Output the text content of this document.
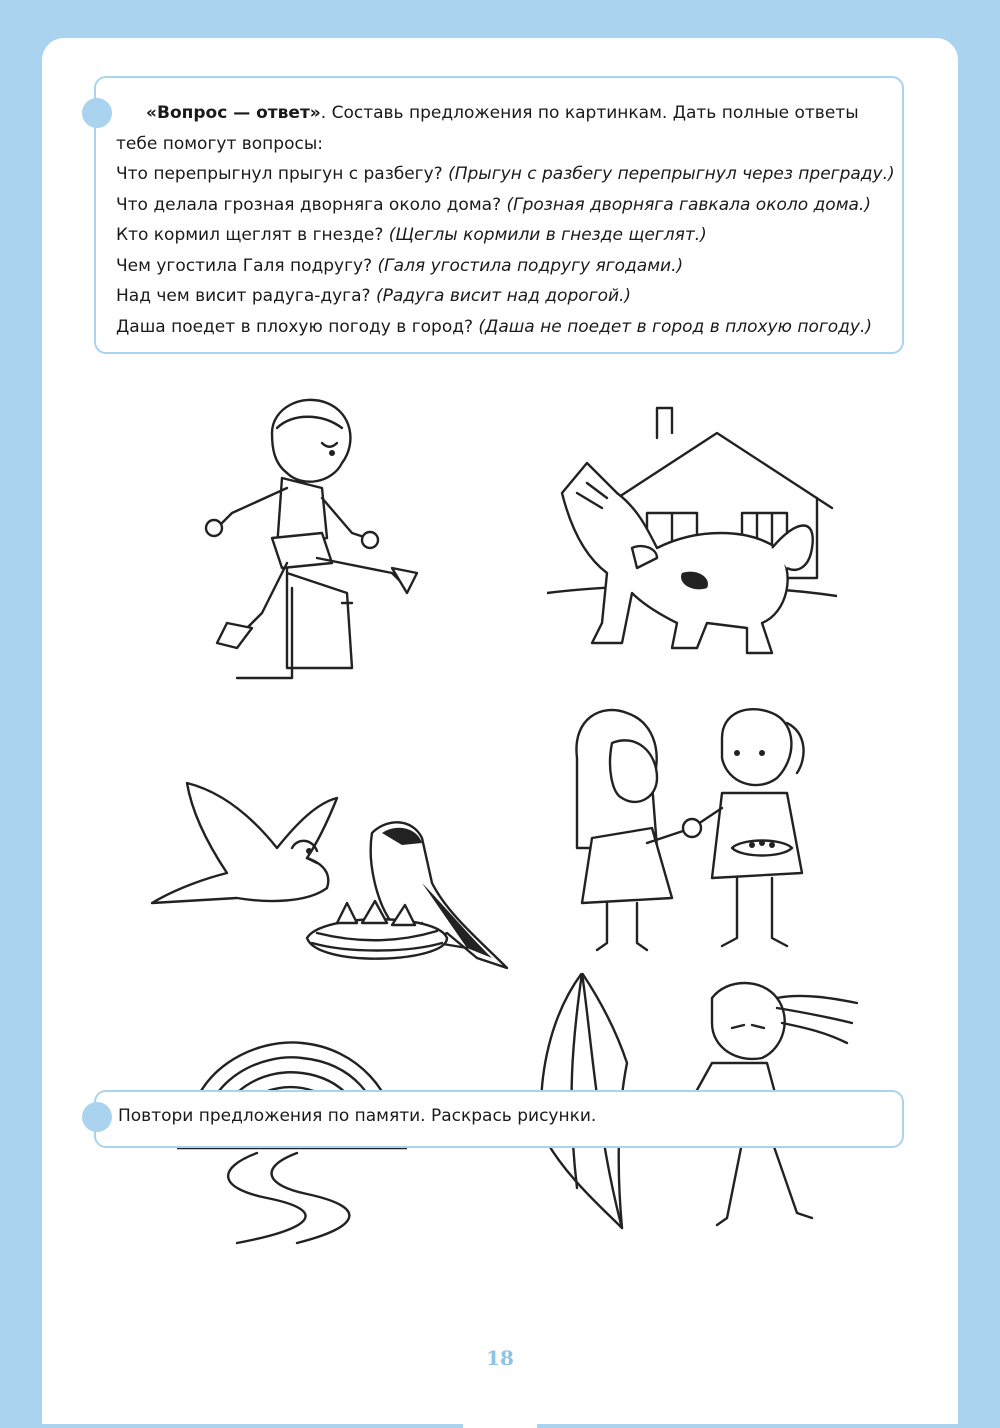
«Вопрос — ответ». Составь предложения по картинкам. Дать полные ответы тебе помогут вопросы:
Что перепрыгнул прыгун с разбегу? (Прыгун с разбегу перепрыгнул через преграду.)
Что делала грозная дворняга около дома? (Грозная дворняга гавкала около дома.)
Кто кормил щеглят в гнезде? (Щеглы кормили в гнезде щеглят.)
Чем угостила Галя подругу? (Галя угостила подругу ягодами.)
Над чем висит радуга-дуга? (Радуга висит над дорогой.)
Даша поедет в плохую погоду в город? (Даша не поедет в город в плохую погоду.)
Повтори предложения по памяти. Раскрась рисунки.
18
